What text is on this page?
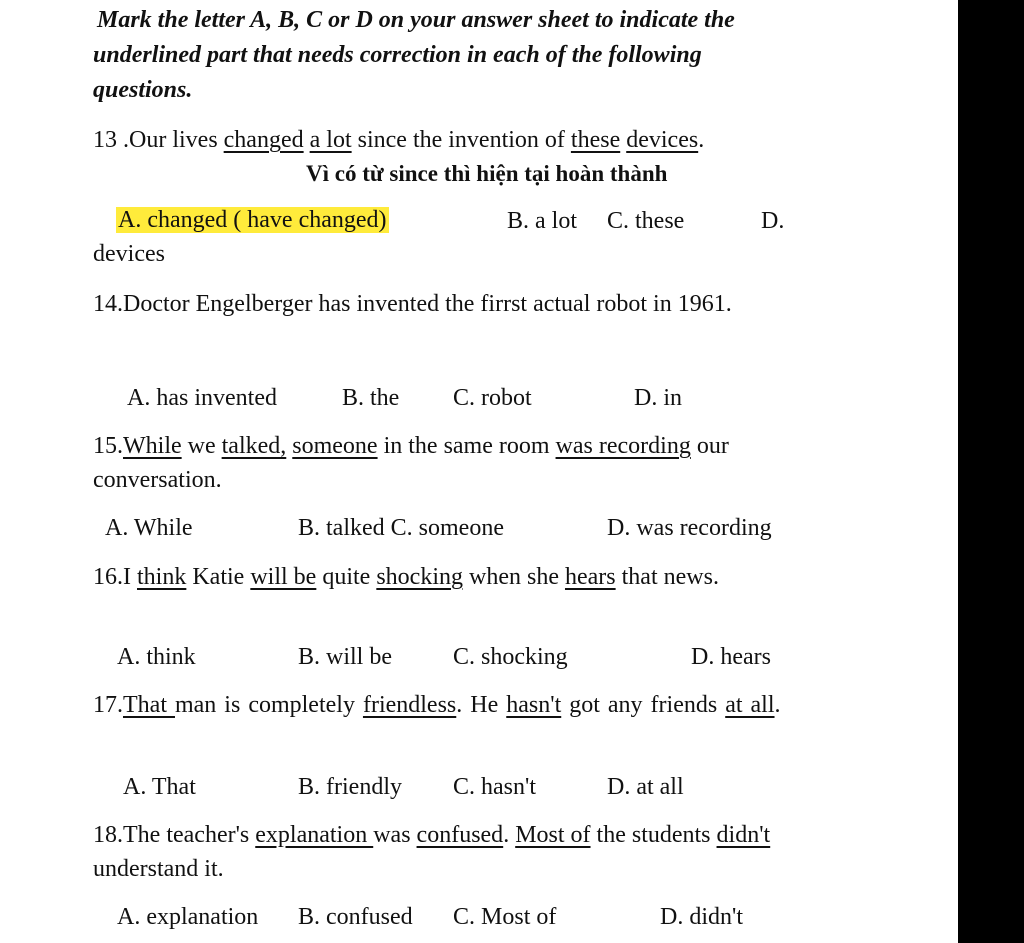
Mark the letter A, B, C or D on your answer sheet to indicate the
underlined part that needs correction in each of the following
questions.
13 .Our lives changed a lot since the invention of these devices.
Vì có từ since thì hiện tại hoàn thành
A. changed ( have changed)	B. a lot C. these	D.
devices
14.Doctor Engelberger has invented the firrst actual robot in 1961.
A. has invented	B. the C. robot	D. in
15.While we talked, someone in the same room was recording our
conversation.
A. While	B. talked C. someone	D. was recording
16.I think Katie will be quite shocking when she hears that news.
A. think	B. will be	C. shocking	D. hears
17.That man is completely friendless. He hasn't got any friends at all.
A. That	B. friendly C. hasn't	D. at all
18.The teacher's explanation was confused. Most of the students didn't
understand it.
A. explanation B. confused C. Most of	D. didn't
